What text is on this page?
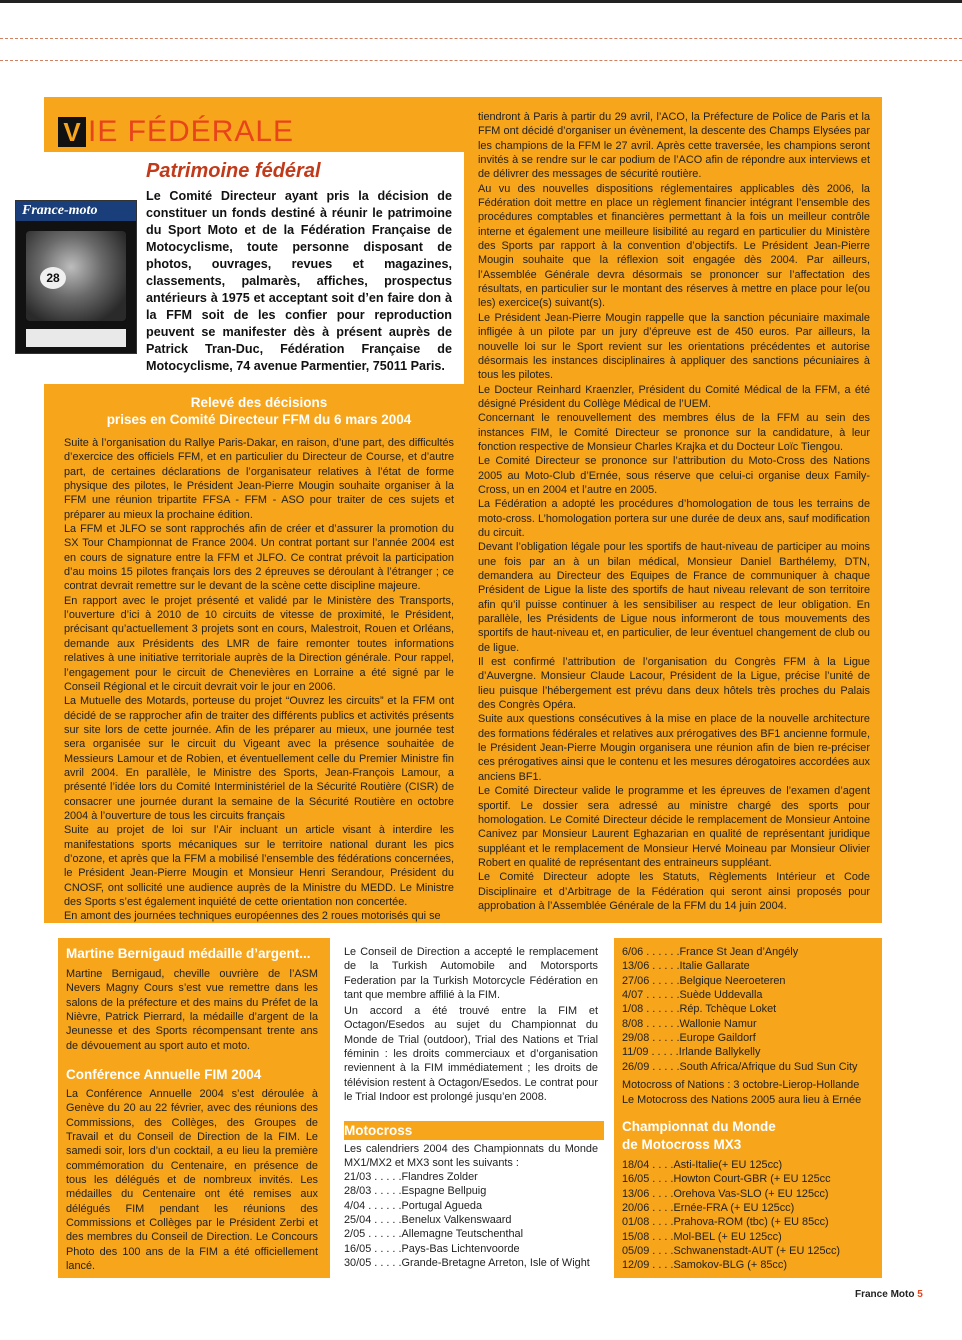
V IE FÉDÉRALE
France-moto
28
Patrimoine fédéral

Le Comité Directeur ayant pris la décision de constituer un fonds destiné à réunir le patrimoine du Sport Moto et de la Fédération Française de Motocyclisme, toute personne disposant de photos, ouvrages, revues et magazines, classements, palmarès, affiches, prospectus antérieurs à 1975 et acceptant soit d’en faire don à la FFM soit de les confier pour reproduction peuvent se manifester dès à présent auprès de Patrick Tran-Duc, Fédération Française de Motocyclisme, 74 avenue Parmentier, 75011 Paris.

Relevé des décisions
prises en Comité Directeur FFM du 6 mars 2004

Suite à l’organisation du Rallye Paris-Dakar, en raison, d’une part, des difficultés d’exercice des officiels FFM, et en particulier du Directeur de Course, et d’autre part, de certaines déclarations de l’organisateur relatives à l’état de forme physique des pilotes, le Président Jean-Pierre Mougin souhaite organiser à la FFM une réunion tripartite FFSA - FFM - ASO pour traiter de ces sujets et préparer au mieux la prochaine édition.

La FFM et JLFO se sont rapprochés afin de créer et d’assurer la promotion du SX Tour Championnat de France 2004. Un contrat portant sur l’année 2004 est en cours de signature entre la FFM et JLFO. Ce contrat prévoit la participation d’au moins 15 pilotes français lors des 2 épreuves se déroulant à l’étranger ; ce contrat devrait remettre sur le devant de la scène cette discipline majeure.

En rapport avec le projet présenté et validé par le Ministère des Transports, l’ouverture d’ici à 2010 de 10 circuits de vitesse de proximité, le Président, précisant qu’actuellement 3 projets sont en cours, Malestroit, Rouen et Orléans, demande aux Présidents des LMR de faire remonter toutes informations relatives à une initiative territoriale auprès de la Direction générale. Pour rappel, l’engagement pour le circuit de Chenevières en Lorraine a été signé par le Conseil Régional et le circuit devrait voir le jour en 2006.

La Mutuelle des Motards, porteuse du projet “Ouvrez les circuits” et la FFM ont décidé de se rapprocher afin de traiter des différents publics et activités présents sur site lors de cette journée. Afin de les préparer au mieux, une journée test sera organisée sur le circuit du Vigeant avec la présence souhaitée de Messieurs Lamour et de Robien, et éventuellement celle du Premier Ministre fin avril 2004. En parallèle, le Ministre des Sports, Jean-François Lamour, a présenté l’idée lors du Comité Interministériel de la Sécurité Routière (CISR) de consacrer une journée durant la semaine de la Sécurité Routière en octobre 2004 à l’ouverture de tous les circuits français

Suite au projet de loi sur l’Air incluant un article visant à interdire les manifestations sports mécaniques sur le territoire national durant les pics d’ozone, et après que la FFM a mobilisé l’ensemble des fédérations concernées, le Président Jean-Pierre Mougin et Monsieur Henri Serandour, Président du CNOSF, ont sollicité une audience auprès de la Ministre du MEDD. Le Ministre des Sports s’est également inquiété de cette orientation non concertée.

En amont des journées techniques européennes des 2 roues motorisés qui se

tiendront à Paris à partir du 29 avril, l’ACO, la Préfecture de Police de Paris et la FFM ont décidé d’organiser un évènement, la descente des Champs Elysées par les champions de la FFM le 27 avril. Après cette traversée, les champions seront invités à se rendre sur le car podium de l’ACO afin de répondre aux interviews et de délivrer des messages de sécurité routière.

Au vu des nouvelles dispositions réglementaires applicables dès 2006, la Fédération doit mettre en place un règlement financier intégrant l’ensemble des procédures comptables et financières permettant à la fois un meilleur contrôle interne et également une meilleure lisibilité au regard en particulier du Ministère des Sports par rapport à la convention d’objectifs. Le Président Jean-Pierre Mougin souhaite que la réflexion soit engagée dès 2004. Par ailleurs, l’Assemblée Générale devra désormais se prononcer sur l’affectation des résultats, en particulier sur le montant des réserves à mettre en place pour le(ou les) exercice(s) suivant(s).

Le Président Jean-Pierre Mougin rappelle que la sanction pécuniaire maximale infligée à un pilote par un jury d’épreuve est de 450 euros. Par ailleurs, la nouvelle loi sur le Sport revient sur les orientations précédentes et autorise désormais les instances disciplinaires à appliquer des sanctions pécuniaires à tous les pilotes.

Le Docteur Reinhard Kraenzler, Président du Comité Médical de la FFM, a été désigné Président du Collège Médical de l’UEM.

Concernant le renouvellement des membres élus de la FFM au sein des instances FIM, le Comité Directeur se prononce sur la candidature, à leur fonction respective de Monsieur Charles Krajka et du Docteur Loïc Tiengou.

Le Comité Directeur se prononce sur l’attribution du Moto-Cross des Nations 2005 au Moto-Club d’Ernée, sous réserve que celui-ci organise deux Family-Cross, un en 2004 et l’autre en 2005.

La Fédération a adopté les procédures d’homologation de tous les terrains de moto-cross. L’homologation portera sur une durée de deux ans, sauf modification du circuit.

Devant l’obligation légale pour les sportifs de haut-niveau de participer au moins une fois par an à un bilan médical, Monsieur Daniel Barthélemy, DTN, demandera au Directeur des Equipes de France de communiquer à chaque Président de Ligue la liste des sportifs de haut niveau relevant de son territoire afin qu’il puisse continuer à les sensibiliser au respect de leur obligation. En parallèle, les Présidents de Ligue nous informeront de tous mouvements des sportifs de haut-niveau et, en particulier, de leur éventuel changement de club ou de ligue.

Il est confirmé l’attribution de l’organisation du Congrès FFM à la Ligue d’Auvergne. Monsieur Claude Lacour, Président de la Ligue, précise l’unité de lieu puisque l’hébergement est prévu dans deux hôtels très proches du Palais des Congrès Opéra.

Suite aux questions consécutives à la mise en place de la nouvelle architecture des formations fédérales et relatives aux prérogatives des BF1 ancienne formule, le Président Jean-Pierre Mougin organisera une réunion afin de bien re-préciser ces prérogatives ainsi que le contenu et les mesures dérogatoires accordées aux anciens BF1.

Le Comité Directeur valide le programme et les épreuves de l’examen d’agent sportif. Le dossier sera adressé au ministre chargé des sports pour homologation. Le Comité Directeur décide le remplacement de Monsieur Antoine Canivez par Monsieur Laurent Eghazarian en qualité de représentant juridique suppléant et le remplacement de Monsieur Hervé Moineau par Monsieur Olivier Robert en qualité de représentant des entraineurs suppléant.

Le Comité Directeur adopte les Statuts, Règlements Intérieur et Code Disciplinaire et d’Arbitrage de la Fédération qui seront ainsi proposés pour approbation à l’Assemblée Générale de la FFM du 14 juin 2004.

Martine Bernigaud médaille d’argent...

Martine Bernigaud, cheville ouvrière de l’ASM Nevers Magny Cours s’est vue remettre dans les salons de la préfecture et des mains du Préfet de la Nièvre, Patrick Pierrard, la médaille d’argent de la Jeunesse et des Sports récompensant trente ans de dévouement au sport auto et moto.

Conférence Annuelle FIM 2004

La Conférence Annuelle 2004 s’est déroulée à Genève du 20 au 22 février, avec des réunions des Commissions, des Collèges, des Groupes de Travail et du Conseil de Direction de la FIM. Le samedi soir, lors d’un cocktail, a eu lieu la première commémoration du Centenaire, en présence de tous les délégués et de nombreux invités. Les médailles du Centenaire ont été remises aux délégués FIM pendant les réunions des Commissions et Collèges par le Président Zerbi et des membres du Conseil de Direction. Le Concours Photo des 100 ans de la FIM a été officiellement lancé.

Le Conseil de Direction a accepté le remplacement de la Turkish Automobile and Motorsports Federation par la Turkish Motorcycle Fédération en tant que membre affilié à la FIM.

Un accord a été trouvé entre la FIM et Octagon/Esedos au sujet du Championnat du Monde de Trial (outdoor), Trial des Nations et Trial féminin : les droits commerciaux et d’organisation reviennent à la FIM immédiatement ; les droits de télévision restent à Octagon/Esedos. Le contrat pour le Trial Indoor est prolongé jusqu’en 2008.

Motocross

Les calendriers 2004 des Championnats du Monde MX1/MX2 et MX3 sont les suivants :

21/03 . . . . .Flandres Zolder
28/03 . . . . .Espagne Bellpuig
4/04 . . . . . .Portugal Agueda
25/04 . . . . .Benelux Valkenswaard
2/05 . . . . . .Allemagne Teutschenthal
16/05 . . . . .Pays-Bas Lichtenvoorde
30/05 . . . . .Grande-Bretagne Arreton, Isle of Wight
6/06 . . . . . .France St Jean d’Angély
13/06 . . . . .Italie Gallarate
27/06 . . . . .Belgique Neeroeteren
4/07 . . . . . .Suède Uddevalla
1/08 . . . . . .Rép. Tchèque Loket
8/08 . . . . . .Wallonie Namur
29/08 . . . . .Europe Gaildorf
11/09 . . . . .Irlande Ballykelly
26/09 . . . . .South Africa/Afrique du Sud Sun City

Motocross of Nations : 3 octobre-Lierop-Hollande

Le Motocross des Nations 2005 aura lieu à Ernée

Championnat du Monde
de Motocross MX3
18/04 . . . .Asti-Italie(+ EU 125cc)
16/05 . . . .Howton Court-GBR (+ EU 125cc
13/06 . . . .Orehova Vas-SLO (+ EU 125cc)
20/06 . . . .Ernée-FRA (+ EU 125cc)
01/08 . . . .Prahova-ROM (tbc) (+ EU 85cc)
15/08 . . . .Mol-BEL (+ EU 125cc)
05/09 . . . .Schwanenstadt-AUT (+ EU 125cc)
12/09 . . . .Samokov-BLG (+ 85cc)
France Moto 5
